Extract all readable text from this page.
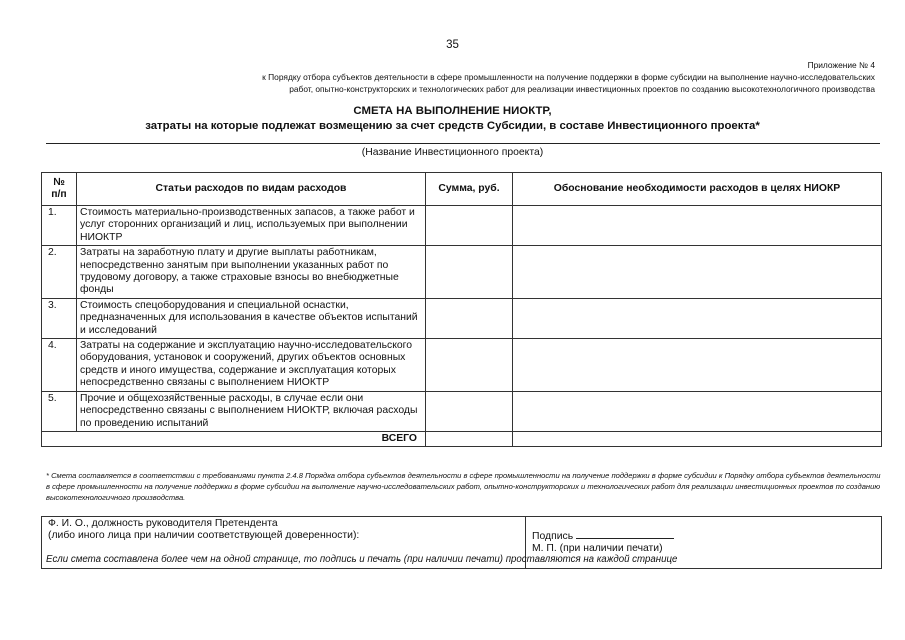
35
Приложение № 4
к Порядку отбора субъектов деятельности в сфере промышленности на получение поддержки в форме субсидии на выполнение научно-исследовательских
работ, опытно-конструкторских и технологических работ для реализации инвестиционных проектов по созданию высокотехнологичного производства
СМЕТА НА ВЫПОЛНЕНИЕ НИОКТР,
затраты на которые подлежат возмещению за счет средств Субсидии, в составе Инвестиционного проекта*
(Название Инвестиционного проекта)
№
п/п	Статьи расходов по видам расходов	Сумма, руб.	Обоснование необходимости расходов в целях НИОКР
1.	Стоимость материально-производственных запасов, а также работ и услуг сторонних организаций и лиц, используемых при выполнении НИОКТР		
2.	Затраты на заработную плату и другие выплаты работникам, непосредственно занятым при выполнении указанных работ по трудовому договору, а также страховые взносы во внебюджетные фонды		
3.	Стоимость спецоборудования и специальной оснастки, предназначенных для использования в качестве объектов испытаний и исследований		
4.	Затраты на содержание и эксплуатацию научно-исследовательского оборудования, установок и сооружений, других объектов основных средств и иного имущества, содержание и эксплуатация которых непосредственно связаны с выполнением НИОКТР		
5.	Прочие и общехозяйственные расходы, в случае если они непосредственно связаны с выполнением НИОКТР, включая расходы по проведению испытаний		
ВСЕГО			
* Смета составляется в соответствии с требованиями пункта 2.4.8 Порядка отбора субъектов деятельности в сфере промышленности на получение поддержки в форме субсидии к Порядку отбора субъектов деятельности в сфере промышленности на получение поддержки в форме субсидии на выполнение научно-исследовательских работ, опытно-конструкторских и технологических работ для реализации инвестиционных проектов по созданию высокотехнологичного производства.
Ф. И. О., должность руководителя Претендента
(либо иного лица при наличии соответствующей доверенности):	Подпись
М. П. (при наличии печати)
Если смета составлена более чем на одной странице, то подпись и печать (при наличии печати) проставляются на каждой странице
